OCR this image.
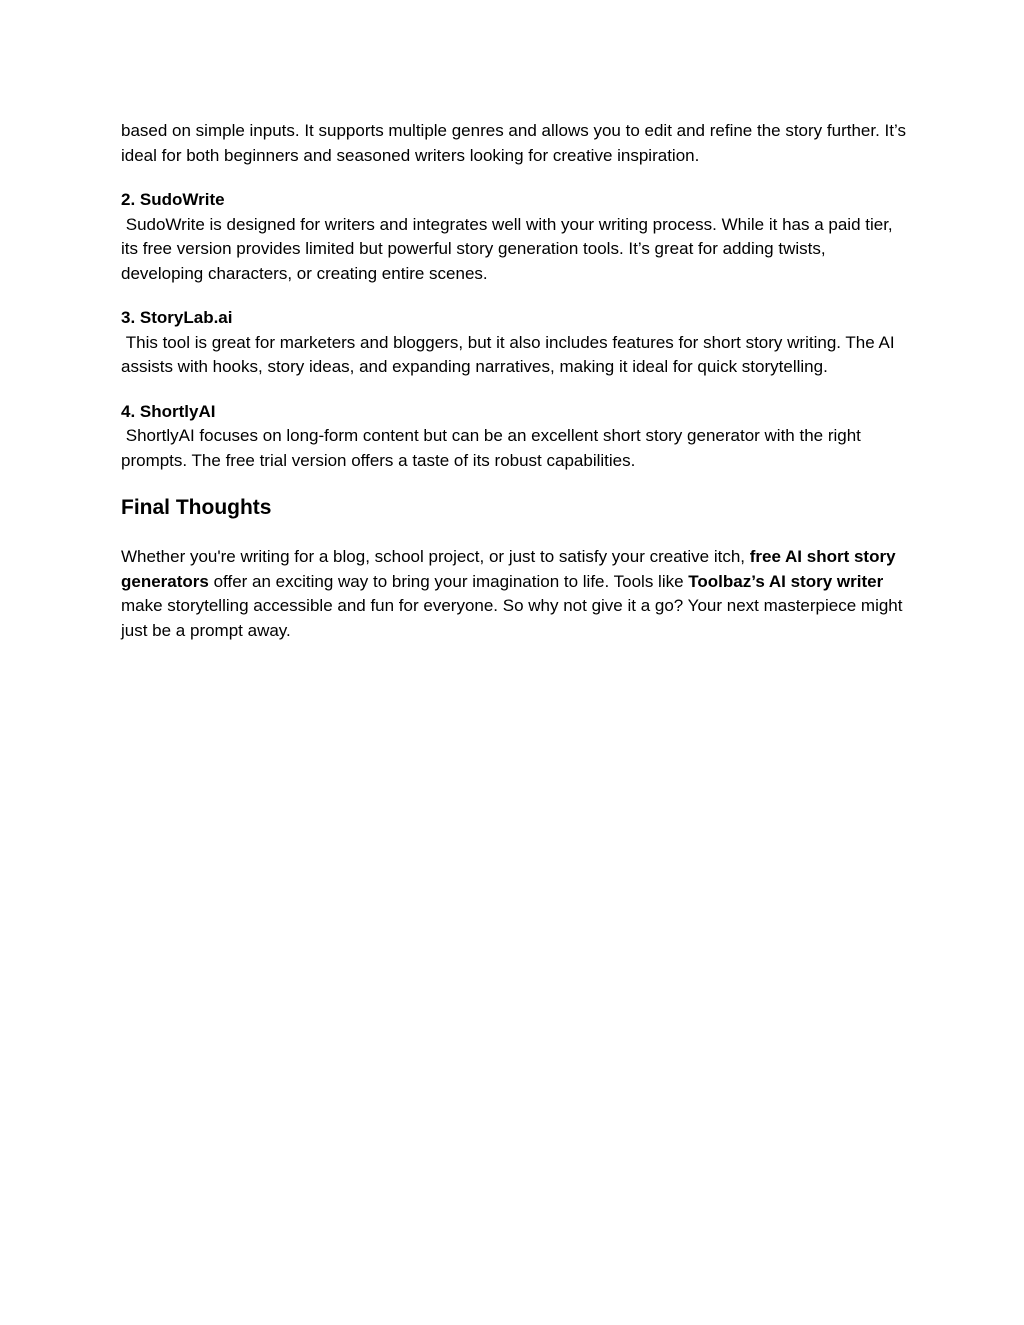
based on simple inputs. It supports multiple genres and allows you to edit and refine the story further. It’s ideal for both beginners and seasoned writers looking for creative inspiration.

2. SudoWrite

SudoWrite is designed for writers and integrates well with your writing process. While it has a paid tier, its free version provides limited but powerful story generation tools. It’s great for adding twists, developing characters, or creating entire scenes.

3. StoryLab.ai

This tool is great for marketers and bloggers, but it also includes features for short story writing. The AI assists with hooks, story ideas, and expanding narratives, making it ideal for quick storytelling.

4. ShortlyAI

ShortlyAI focuses on long-form content but can be an excellent short story generator with the right prompts. The free trial version offers a taste of its robust capabilities.

Final Thoughts

Whether you're writing for a blog, school project, or just to satisfy your creative itch, free AI short story generators offer an exciting way to bring your imagination to life. Tools like Toolbaz’s AI story writer make storytelling accessible and fun for everyone. So why not give it a go? Your next masterpiece might just be a prompt away.
